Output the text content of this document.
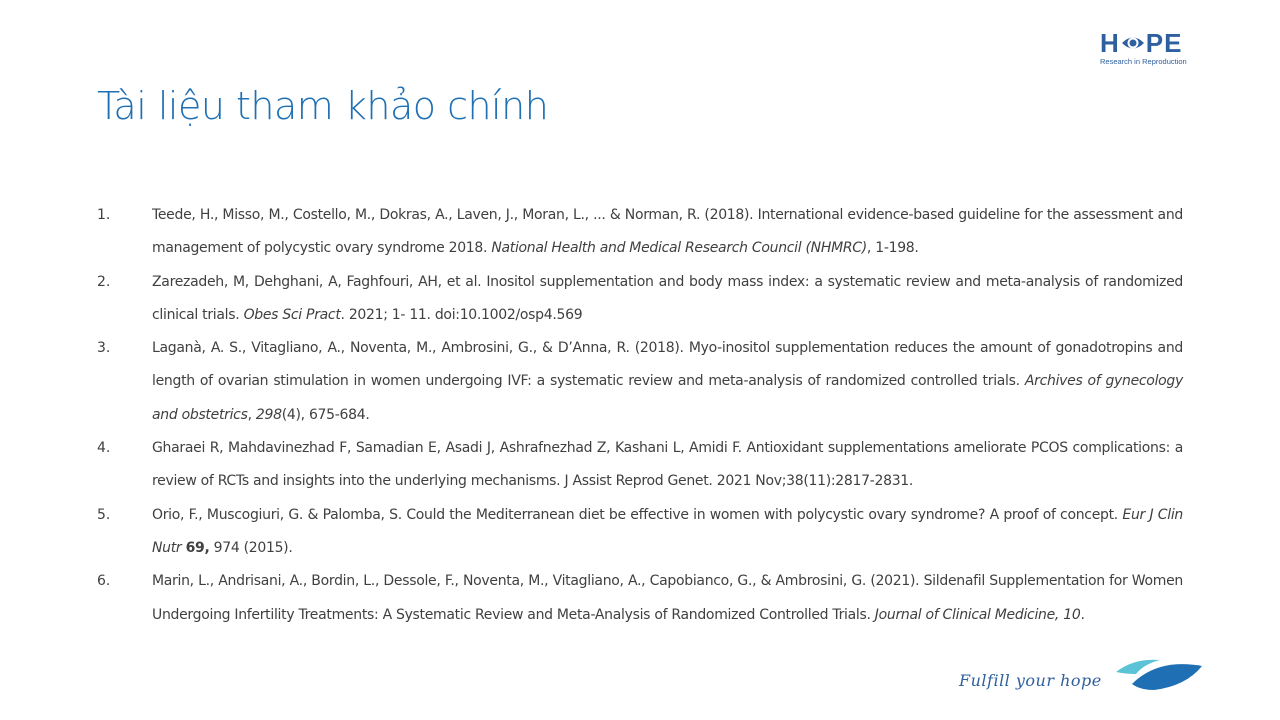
H PE
Research in Reproduction
Tài liệu tham khảo chính
1.	Teede, H., Misso, M., Costello, M., Dokras, A., Laven, J., Moran, L., ... & Norman, R. (2018). International evidence-based guideline for the assessment and management of polycystic ovary syndrome 2018. National Health and Medical Research Council (NHMRC), 1-198.
2.	Zarezadeh, M, Dehghani, A, Faghfouri, AH, et al. Inositol supplementation and body mass index: a systematic review and meta-analysis of randomized clinical trials. Obes Sci Pract. 2021; 1- 11. doi:10.1002/osp4.569
3.	Laganà, A. S., Vitagliano, A., Noventa, M., Ambrosini, G., & D’Anna, R. (2018). Myo-inositol supplementation reduces the amount of gonadotropins and length of ovarian stimulation in women undergoing IVF: a systematic review and meta-analysis of randomized controlled trials. Archives of gynecology and obstetrics, 298(4), 675-684.
4.	Gharaei R, Mahdavinezhad F, Samadian E, Asadi J, Ashrafnezhad Z, Kashani L, Amidi F. Antioxidant supplementations ameliorate PCOS complications: a review of RCTs and insights into the underlying mechanisms. J Assist Reprod Genet. 2021 Nov;38(11):2817-2831.
5.	Orio, F., Muscogiuri, G. & Palomba, S. Could the Mediterranean diet be effective in women with polycystic ovary syndrome? A proof of concept. Eur J Clin Nutr 69, 974 (2015).
6.	Marin, L., Andrisani, A., Bordin, L., Dessole, F., Noventa, M., Vitagliano, A., Capobianco, G., & Ambrosini, G. (2021). Sildenafil Supplementation for Women Undergoing Infertility Treatments: A Systematic Review and Meta-Analysis of Randomized Controlled Trials. Journal of Clinical Medicine, 10.
Fulfill your hope
